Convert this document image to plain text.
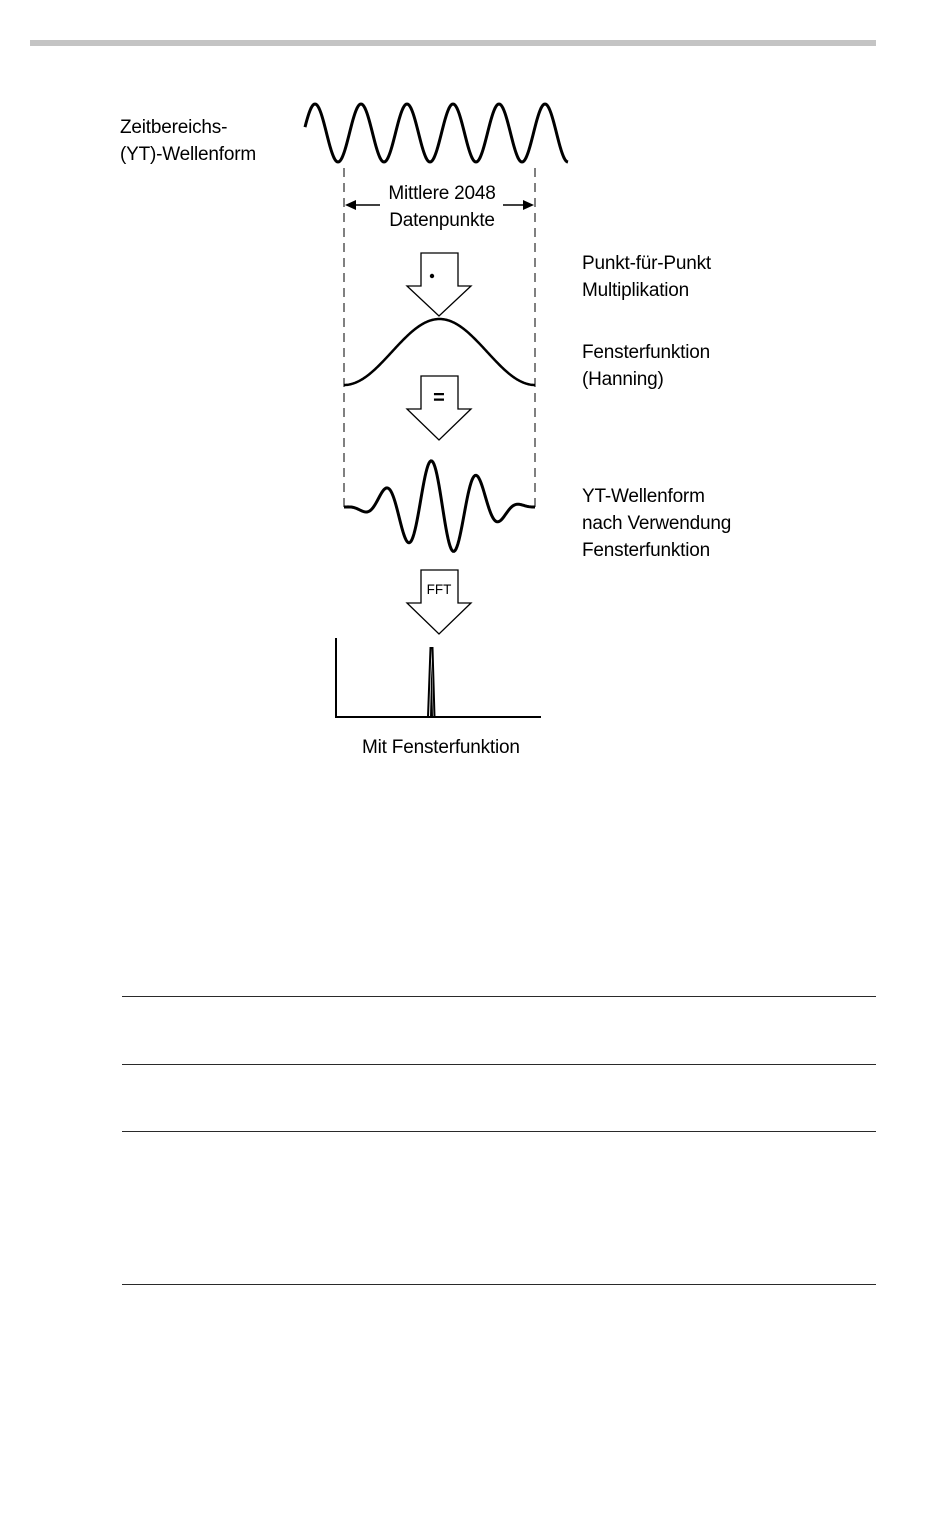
=
FFT
Zeitbereichs-
(YT)-Wellenform
Mittlere 2048
Datenpunkte
Punkt-für-Punkt
Multiplikation
Fensterfunktion
(Hanning)
YT-Wellenform
nach Verwendung
Fensterfunktion
Mit Fensterfunktion
